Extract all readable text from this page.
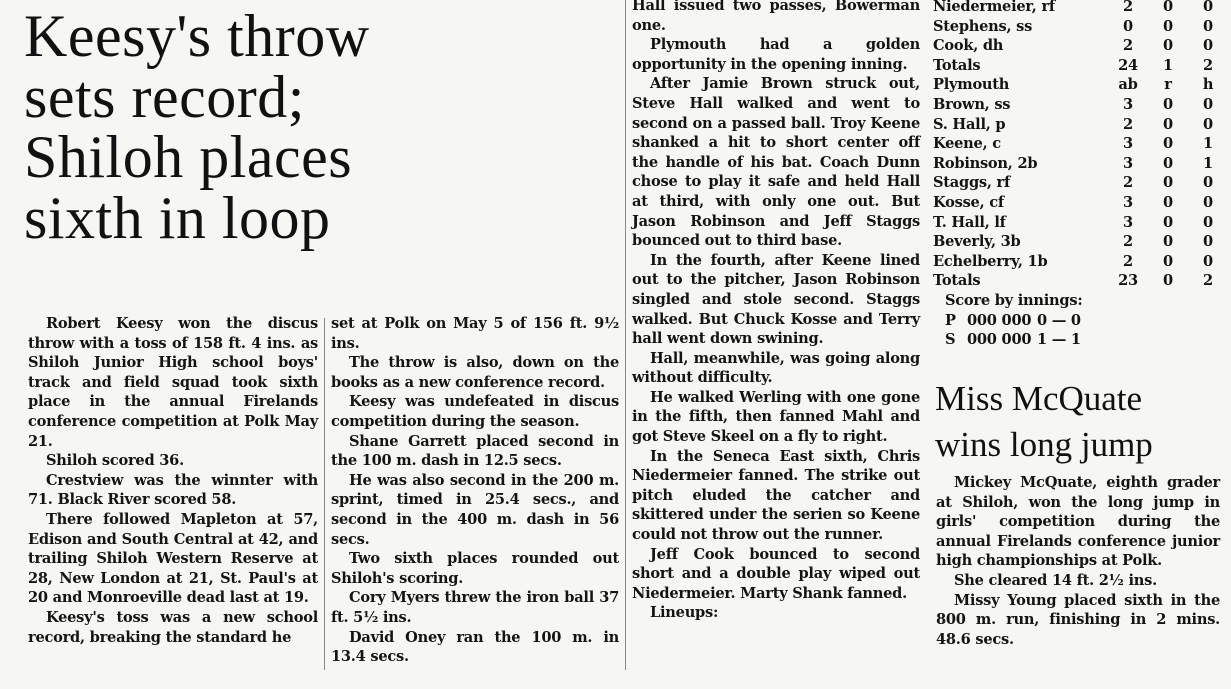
Keesy's throw
sets record;
Shiloh places
sixth in loop

Robert Keesy won the discus throw with a toss of 158 ft. 4 ins. as Shiloh Junior High school boys' track and field squad took sixth place in the annual Firelands conference competition at Polk May 21.

Shiloh scored 36.

Crestview was the winnter with 71. Black River scored 58.

There followed Mapleton at 57, Edison and South Central at 42, and trailing Shiloh Western Reserve at 28, New London at 21, St. Paul's at 20 and Monroeville dead last at 19.

Keesy's toss was a new school record, breaking the standard he

set at Polk on May 5 of 156 ft. 9½ ins.

The throw is also, down on the books as a new conference record.

Keesy was undefeated in discus competition during the season.

Shane Garrett placed second in the 100 m. dash in 12.5 secs.

He was also second in the 200 m. sprint, timed in 25.4 secs., and second in the 400 m. dash in 56 secs.

Two sixth places rounded out Shiloh's scoring.

Cory Myers threw the iron ball 37 ft. 5½ ins.

David Oney ran the 100 m. in 13.4 secs.

Hall issued two passes, Bowerman one.

Plymouth had a golden opportunity in the opening inning.

After Jamie Brown struck out, Steve Hall walked and went to second on a passed ball. Troy Keene shanked a hit to short center off the handle of his bat. Coach Dunn chose to play it safe and held Hall at third, with only one out. But Jason Robinson and Jeff Staggs bounced out to third base.

In the fourth, after Keene lined out to the pitcher, Jason Robinson singled and stole second. Staggs walked. But Chuck Kosse and Terry hall went down swining.

Hall, meanwhile, was going along without difficulty.

He walked Werling with one gone in the fifth, then fanned Mahl and got Steve Skeel on a fly to right.

In the Seneca East sixth, Chris Niedermeier fanned. The strike out pitch eluded the catcher and skittered under the serien so Keene could not throw out the runner.

Jeff Cook bounced to second short and a double play wiped out Niedermeier. Marty Shank fanned.

Lineups:

Niedermeier, rf	2	0	0
Stephens, ss	0	0	0
Cook, dh	2	0	0
Totals	24	1	2
Plymouth	ab	r	h
Brown, ss	3	0	0
S. Hall, p	2	0	0
Keene, c	3	0	1
Robinson, 2b	3	0	1
Staggs, rf	2	0	0
Kosse, cf	3	0	0
T. Hall, lf	3	0	0
Beverly, 3b	2	0	0
Echelberry, 1b	2	0	0
Totals	23	0	2
Score by innings:
P 000 000 0 — 0
S 000 000 1 — 1
Miss McQuate
wins long jump

Mickey McQuate, eighth grader at Shiloh, won the long jump in girls' competition during the annual Firelands conference junior high championships at Polk.

She cleared 14 ft. 2½ ins.

Missy Young placed sixth in the 800 m. run, finishing in 2 mins. 48.6 secs.
